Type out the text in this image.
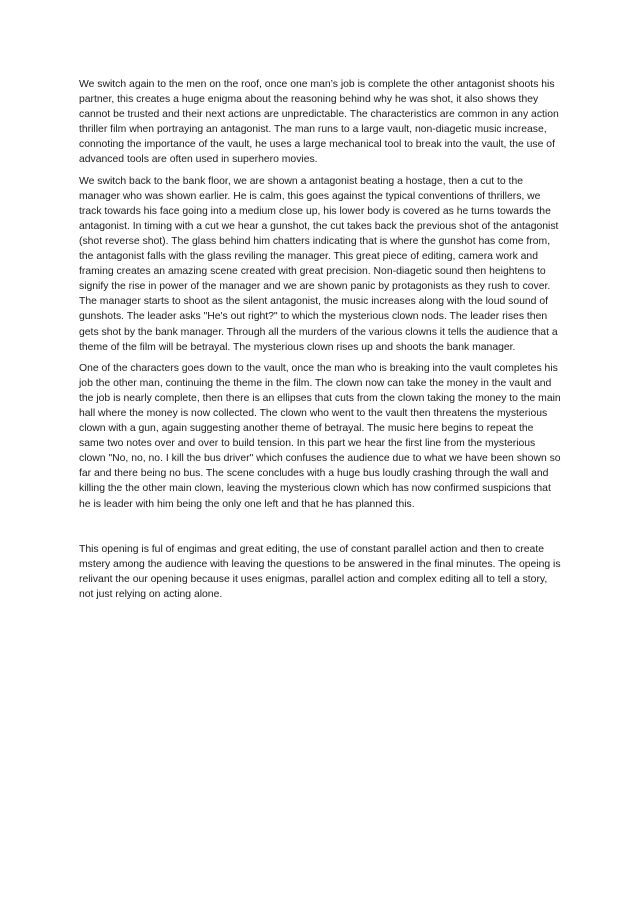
We switch again to the men on the roof, once one man’s job is complete the other antagonist shoots his partner, this creates a huge enigma about the reasoning behind why he was shot, it also shows they cannot be trusted and their next actions are unpredictable. The characteristics are common in any action thriller film when portraying an antagonist. The man runs to a large vault, non-diagetic music increase, connoting the importance of the vault, he uses a large mechanical tool to break into the vault, the use of advanced tools are often used in superhero movies.

We switch back to the bank floor, we are shown a antagonist beating a hostage, then a cut to the manager who was shown earlier. He is calm, this goes against the typical conventions of thrillers, we track towards his face going into a medium close up, his lower body is covered as he turns towards the antagonist. In timing with a cut we hear a gunshot, the cut takes back the previous shot of the antagonist (shot reverse shot). The glass behind him chatters indicating that is where the gunshot has come from, the antagonist falls with the glass reviling the manager. This great piece of editing, camera work and framing creates an amazing scene created with great precision. Non-diagetic sound then heightens to signify the rise in power of the manager and we are shown panic by protagonists as they rush to cover. The manager starts to shoot as the silent antagonist, the music increases along with the loud sound of gunshots. The leader asks "He's out right?" to which the mysterious clown nods. The leader rises then gets shot by the bank manager. Through all the murders of the various clowns it tells the audience that a theme of the film will be betrayal. The mysterious clown rises up and shoots the bank manager.

One of the characters goes down to the vault, once the man who is breaking into the vault completes his job the other man, continuing the theme in the film. The clown now can take the money in the vault and the job is nearly complete, then there is an ellipses that cuts from the clown taking the money to the main hall where the money is now collected. The clown who went to the vault then threatens the mysterious clown with a gun, again suggesting another theme of betrayal. The music here begins to repeat the same two notes over and over to build tension. In this part we hear the first line from the mysterious clown "No, no, no. I kill the bus driver" which confuses the audience due to what we have been shown so far and there being no bus. The scene concludes with a huge bus loudly crashing through the wall and killing the the other main clown, leaving the mysterious clown which has now confirmed suspicions that he is leader with him being the only one left and that he has planned this.

This opening is ful of engimas and great editing, the use of constant parallel action and then to create mstery among the audience with leaving the questions to be answered in the final minutes. The opeing is relivant the our opening because it uses enigmas, parallel action and complex editing all to tell a story, not just relying on acting alone.
